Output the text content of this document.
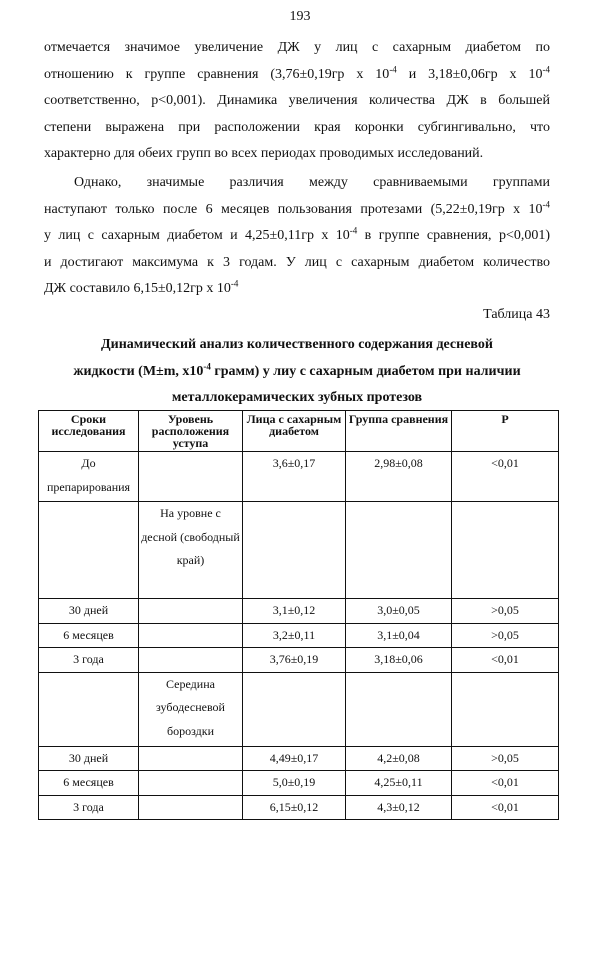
193
отмечается значимое увеличение ДЖ у лиц с сахарным диабетом по
отношению к группе сравнения (3,76±0,19гр х $10^{-4}$ и 3,18±0,06гр х $10^{-4}$
соответственно, р<0,001). Динамика увеличения количества ДЖ в большей
степени выражена при расположении края коронки субгингивально, что
характерно для обеих групп во всех периодах проводимых исследований.
Однако, значимые различия между сравниваемыми группами
наступают только после 6 месяцев пользования протезами (5,22±0,19гр х $10^{-4}$
у лиц с сахарным диабетом и 4,25±0,11гр х $10^{-4}$ в группе сравнения, р<0,001)
и достигают максимума к 3 годам. У лиц с сахарным диабетом количество
ДЖ составило 6,15±0,12гр х $10^{-4}$
Таблица 43
Динамический анализ количественного содержания десневой
жидкости (M±m, $x10^{-4}$ грамм) у лиу с сахарным диабетом при наличии
металлокерамических зубных протезов
Сроки исследования	Уровень расположения уступа	Лица с сахарным диабетом	Группа сравнения	P
До препарирования		3,6±0,17	2,98±0,08	<0,01
	На уровне с десной (свободный край)			
30 дней		3,1±0,12	3,0±0,05	>0,05
6 месяцев		3,2±0,11	3,1±0,04	>0,05
3 года		3,76±0,19	3,18±0,06	<0,01
	Середина зубодесневой бороздки			
30 дней		4,49±0,17	4,2±0,08	>0,05
6 месяцев		5,0±0,19	4,25±0,11	<0,01
3 года		6,15±0,12	4,3±0,12	<0,01
